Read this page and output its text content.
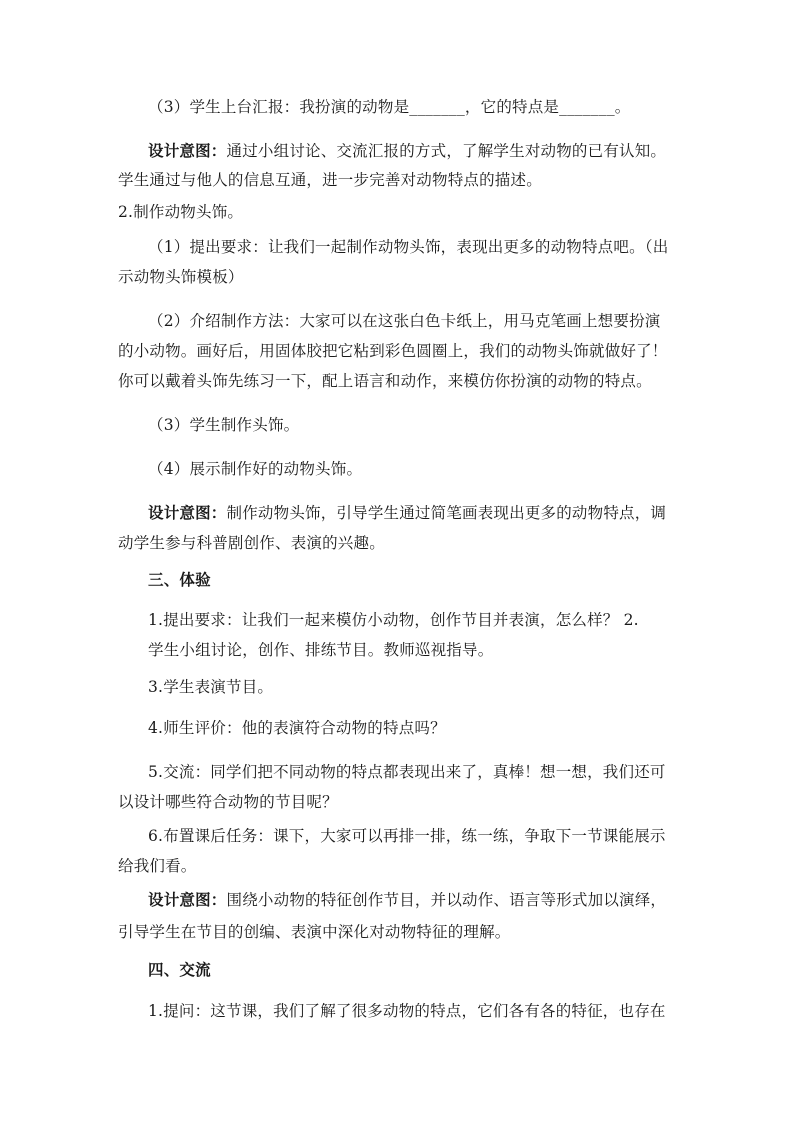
（3）学生上台汇报：我扮演的动物是_______，它的特点是_______。
设计意图：通过小组讨论、交流汇报的方式，了解学生对动物的已有认知。
学生通过与他人的信息互通，进一步完善对动物特点的描述。
2.制作动物头饰。
（1）提出要求：让我们一起制作动物头饰，表现出更多的动物特点吧。（出
示动物头饰模板）
（2）介绍制作方法：大家可以在这张白色卡纸上，用马克笔画上想要扮演
的小动物。画好后，用固体胶把它粘到彩色圆圈上，我们的动物头饰就做好了！
你可以戴着头饰先练习一下，配上语言和动作，来模仿你扮演的动物的特点。
（3）学生制作头饰。
（4）展示制作好的动物头饰。
设计意图：制作动物头饰，引导学生通过简笔画表现出更多的动物特点，调
动学生参与科普剧创作、表演的兴趣。
三、体验
1.提出要求：让我们一起来模仿小动物，创作节目并表演，怎么样？ 2.
学生小组讨论，创作、排练节目。教师巡视指导。
3.学生表演节目。
4.师生评价：他的表演符合动物的特点吗？
5.交流：同学们把不同动物的特点都表现出来了，真棒！想一想，我们还可
以设计哪些符合动物的节目呢？
6.布置课后任务：课下，大家可以再排一排，练一练，争取下一节课能展示
给我们看。
设计意图：围绕小动物的特征创作节目，并以动作、语言等形式加以演绎，
引导学生在节目的创编、表演中深化对动物特征的理解。
四、交流
1.提问：这节课，我们了解了很多动物的特点，它们各有各的特征，也存在
